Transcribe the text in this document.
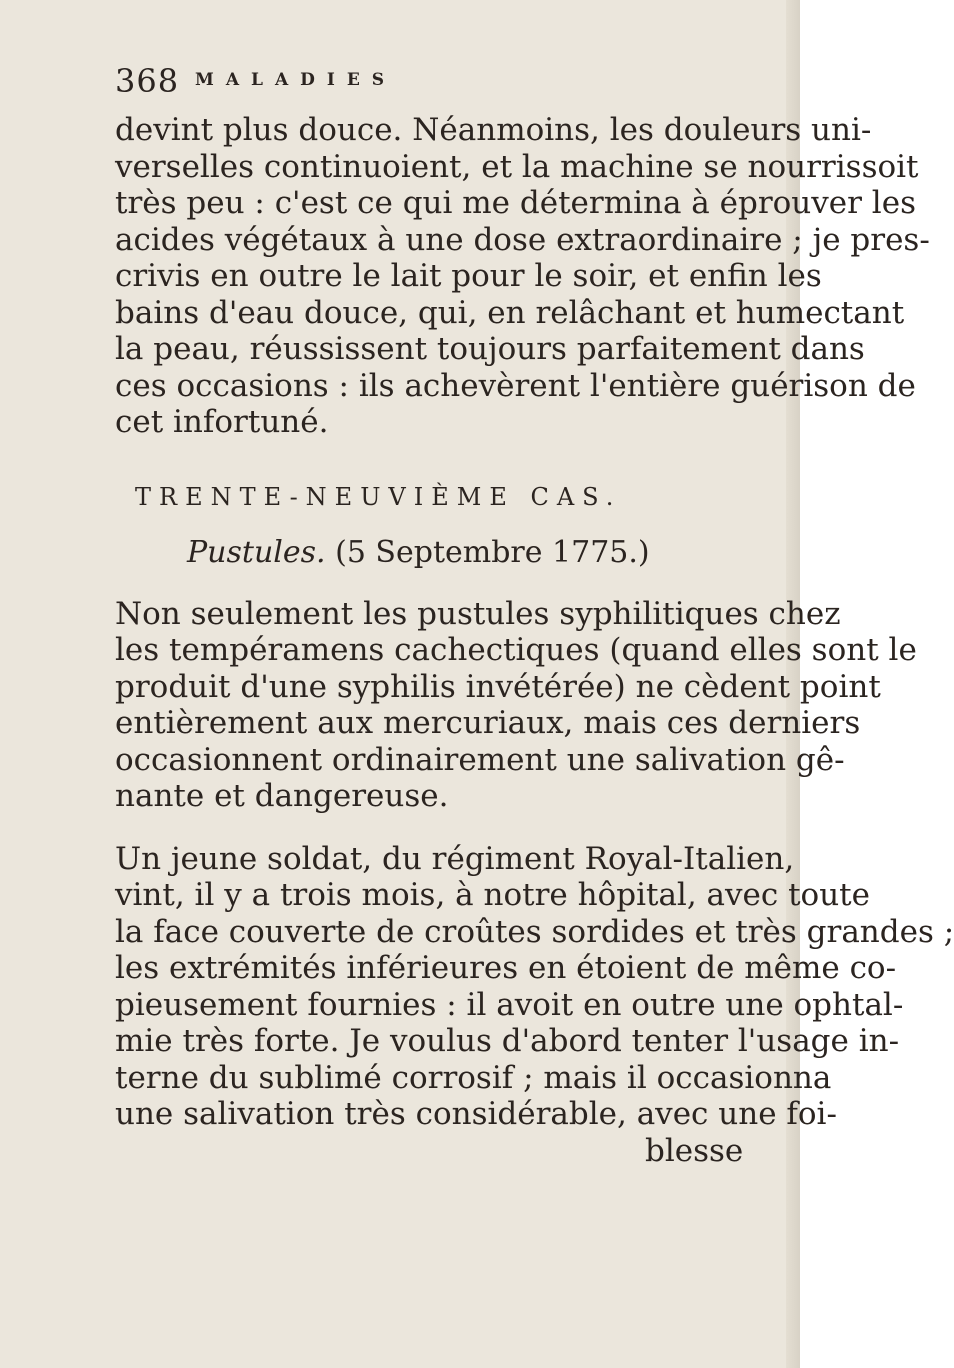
368 MALADIES

devint plus douce. Néanmoins, les douleurs uni-

verselles continuoient, et la machine se nourrissoit

très peu : c'est ce qui me détermina à éprouver les

acides végétaux à une dose extraordinaire ; je pres-

crivis en outre le lait pour le soir, et enfin les

bains d'eau douce, qui, en relâchant et humectant

la peau, réussissent toujours parfaitement dans

ces occasions : ils achevèrent l'entière guérison de

cet infortuné.

TRENTE-NEUVIÈME CAS.
Pustules. (5 Septembre 1775.)

Non seulement les pustules syphilitiques chez

les tempéramens cachectiques (quand elles sont le

produit d'une syphilis invétérée) ne cèdent point

entièrement aux mercuriaux, mais ces derniers

occasionnent ordinairement une salivation gê-

nante et dangereuse.

Un jeune soldat, du régiment Royal-Italien,

vint, il y a trois mois, à notre hôpital, avec toute

la face couverte de croûtes sordides et très grandes ;

les extrémités inférieures en étoient de même co-

pieusement fournies : il avoit en outre une ophtal-

mie très forte. Je voulus d'abord tenter l'usage in-

terne du sublimé corrosif ; mais il occasionna

une salivation très considérable, avec une foi-

blesse
